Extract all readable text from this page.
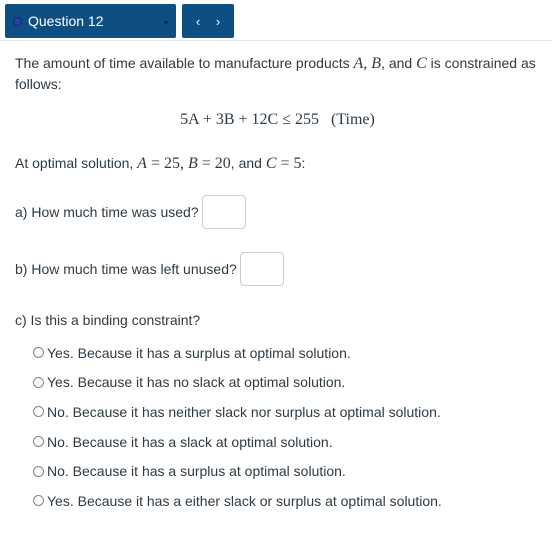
Question 12	‹	›

The amount of time available to manufacture products A, B, and C is constrained as follows:

5A + 3B + 12C ≤ 255 (Time)
At optimal solution, A = 25, B = 20, and C = 5:
a) How much time was used?
b) How much time was left unused?
c) Is this a binding constraint?
Yes. Because it has a surplus at optimal solution.
Yes. Because it has no slack at optimal solution.
No. Because it has neither slack nor surplus at optimal solution.
No. Because it has a slack at optimal solution.
No. Because it has a surplus at optimal solution.
Yes. Because it has a either slack or surplus at optimal solution.
